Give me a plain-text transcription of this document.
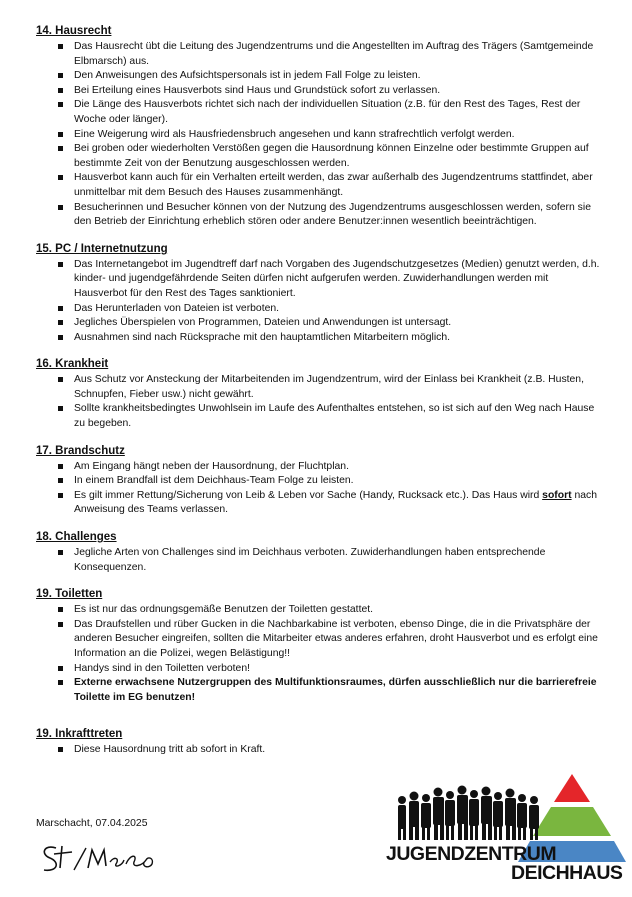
14. Hausrecht
Das Hausrecht übt die Leitung des Jugendzentrums und die Angestellten im Auftrag des Trägers (Samtgemeinde Elbmarsch) aus.
Den Anweisungen des Aufsichtspersonals ist in jedem Fall Folge zu leisten.
Bei Erteilung eines Hausverbots sind Haus und Grundstück sofort zu verlassen.
Die Länge des Hausverbots richtet sich nach der individuellen Situation (z.B. für den Rest des Tages, Rest der Woche oder länger).
Eine Weigerung wird als Hausfriedensbruch angesehen und kann strafrechtlich verfolgt werden.
Bei groben oder wiederholten Verstößen gegen die Hausordnung können Einzelne oder bestimmte Gruppen auf bestimmte Zeit von der Benutzung ausgeschlossen werden.
Hausverbot kann auch für ein Verhalten erteilt werden, das zwar außerhalb des Jugendzentrums stattfindet, aber unmittelbar mit dem Besuch des Hauses zusammenhängt.
Besucherinnen und Besucher können von der Nutzung des Jugendzentrums ausgeschlossen werden, sofern sie den Betrieb der Einrichtung erheblich stören oder andere Benutzer:innen wesentlich beeinträchtigen.
15. PC / Internetnutzung
Das Internetangebot im Jugendtreff darf nach Vorgaben des Jugendschutzgesetzes (Medien) genutzt werden, d.h. kinder- und jugendgefährdende Seiten dürfen nicht aufgerufen werden. Zuwiderhandlungen werden mit Hausverbot für den Rest des Tages sanktioniert.
Das Herunterladen von Dateien ist verboten.
Jegliches Überspielen von Programmen, Dateien und Anwendungen ist untersagt.
Ausnahmen sind nach Rücksprache mit den hauptamtlichen Mitarbeitern möglich.
16. Krankheit
Aus Schutz vor Ansteckung der Mitarbeitenden im Jugendzentrum, wird der Einlass bei Krankheit (z.B. Husten, Schnupfen, Fieber usw.) nicht gewährt.
Sollte krankheitsbedingtes Unwohlsein im Laufe des Aufenthaltes entstehen, so ist sich auf den Weg nach Hause zu begeben.
17. Brandschutz
Am Eingang hängt neben der Hausordnung, der Fluchtplan.
In einem Brandfall ist dem Deichhaus-Team Folge zu leisten.
Es gilt immer Rettung/Sicherung von Leib & Leben vor Sache (Handy, Rucksack etc.). Das Haus wird sofort nach Anweisung des Teams verlassen.
18. Challenges
Jegliche Arten von Challenges sind im Deichhaus verboten. Zuwiderhandlungen haben entsprechende Konsequenzen.
19. Toiletten
Es ist nur das ordnungsgemäße Benutzen der Toiletten gestattet.
Das Draufstellen und rüber Gucken in die Nachbarkabine ist verboten, ebenso Dinge, die in die Privatsphäre der anderen Besucher eingreifen, sollten die Mitarbeiter etwas anderes erfahren, droht Hausverbot und es erfolgt eine Information an die Polizei, wegen Belästigung!!
Handys sind in den Toiletten verboten!
Externe erwachsene Nutzergruppen des Multifunktionsraumes, dürfen ausschließlich nur die barrierefreie Toilette im EG benutzen!
19. Inkrafttreten
Diese Hausordnung tritt ab sofort in Kraft.
Marschacht, 07.04.2025
JUGENDZENTRUM
DEICHHAUS
